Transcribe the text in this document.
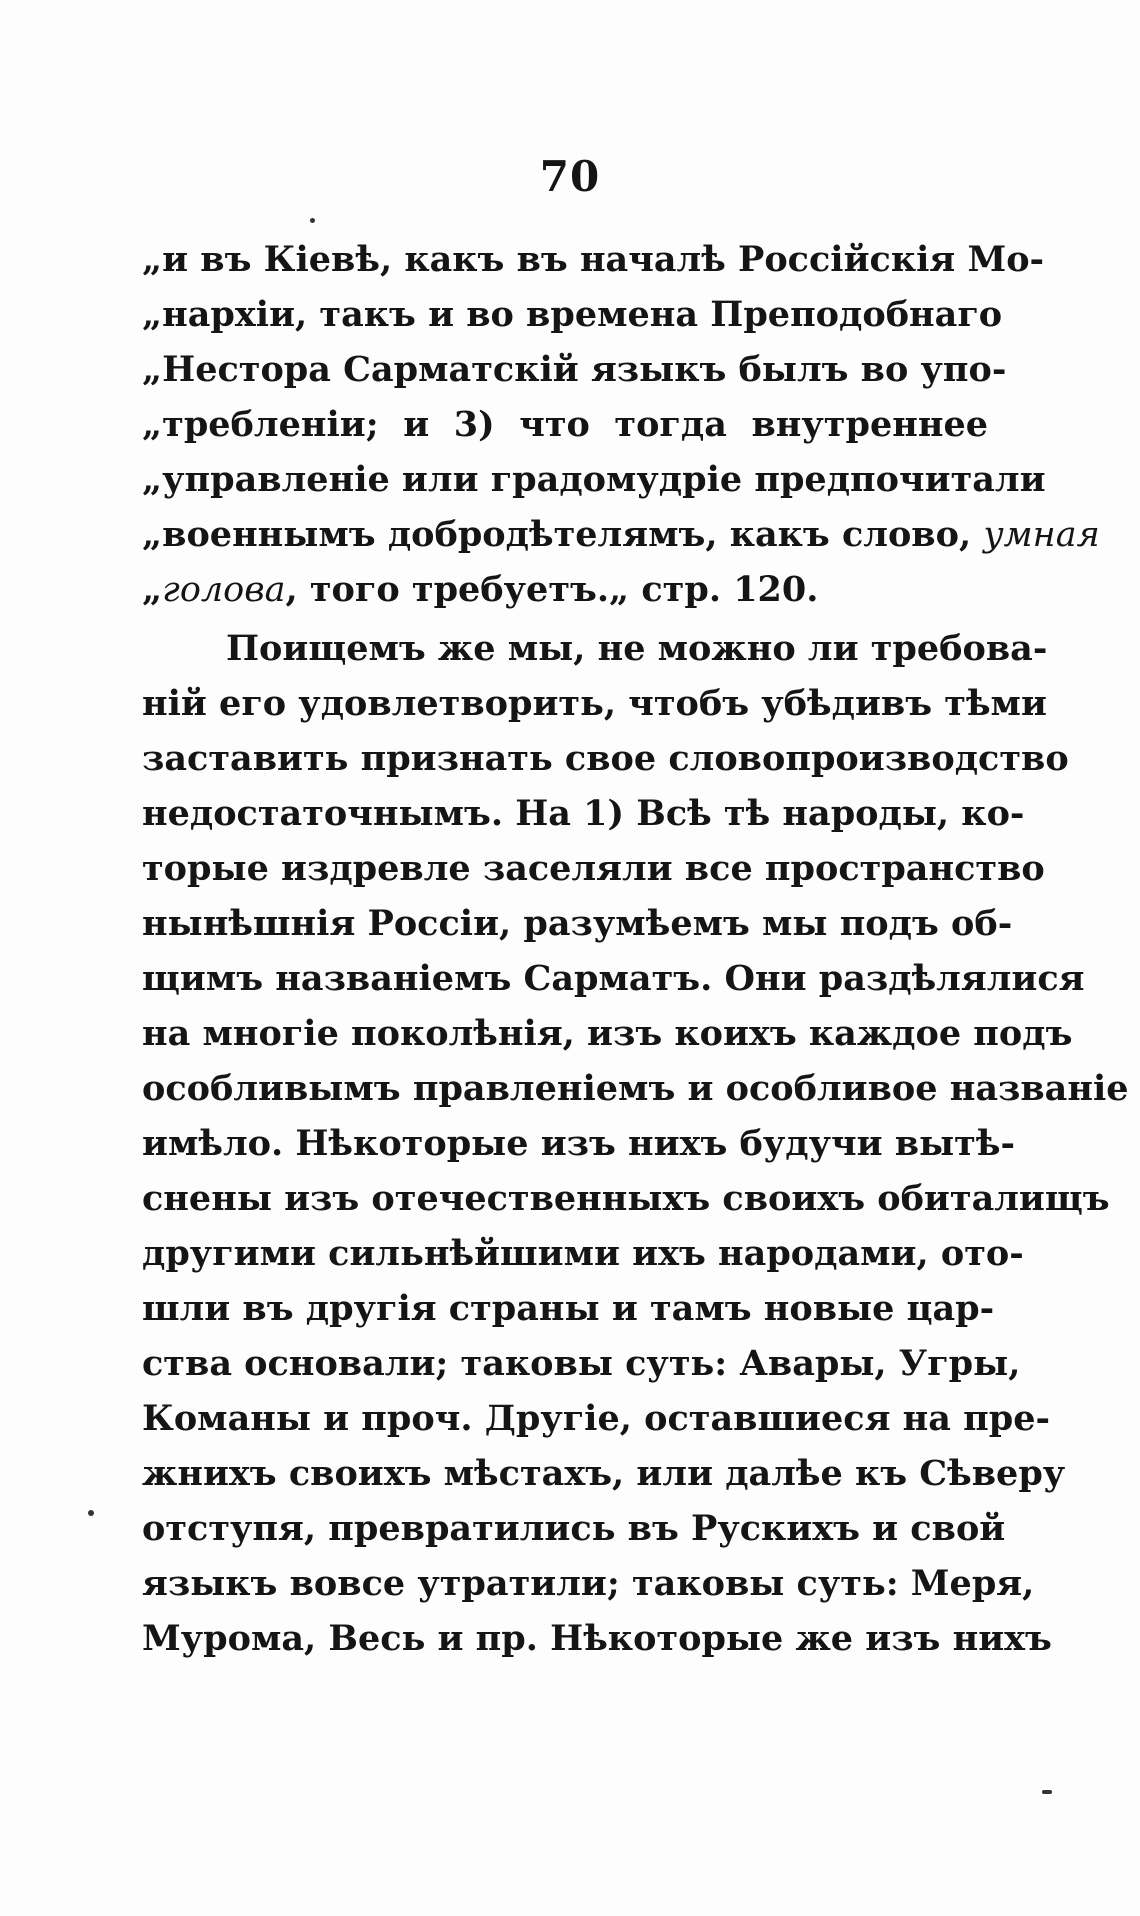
70
„и въ Кіевѣ, какъ въ началѣ Россійскія Мо-
„нархіи, такъ и во времена Преподобнаго
„Нестора Сарматскій языкъ былъ во упо-
„требленіи; и 3) что тогда внутреннее
„управленіе или градомудріе предпочитали
„военнымъ добродѣтелямъ, какъ слово, умная
„голова, того требуетъ.„ стр. 120.
Поищемъ же мы, не можно ли требова-
ній его удовлетворить, чтобъ убѣдивъ тѣми
заставить признать свое словопроизводство
недостаточнымъ. На 1) Всѣ тѣ народы, ко-
торые издревле заселяли все пространство
нынѣшнія Россіи, разумѣемъ мы подъ об-
щимъ названіемъ Сарматъ. Они раздѣлялися
на многіе поколѣнія, изъ коихъ каждое подъ
особливымъ правленіемъ и особливое названіе
имѣло. Нѣкоторые изъ нихъ будучи вытѣ-
снены изъ отечественныхъ своихъ обиталищъ
другими сильнѣйшими ихъ народами, ото-
шли въ другія страны и тамъ новые цар-
ства основали; таковы суть: Авары, Угры,
Команы и проч. Другіе, оставшиеся на пре-
жнихъ своихъ мѣстахъ, или далѣе къ Сѣверу
отступя, превратились въ Рускихъ и свой
языкъ вовсе утратили; таковы суть: Меря,
Мурома, Весь и пр. Нѣкоторые же изъ нихъ
